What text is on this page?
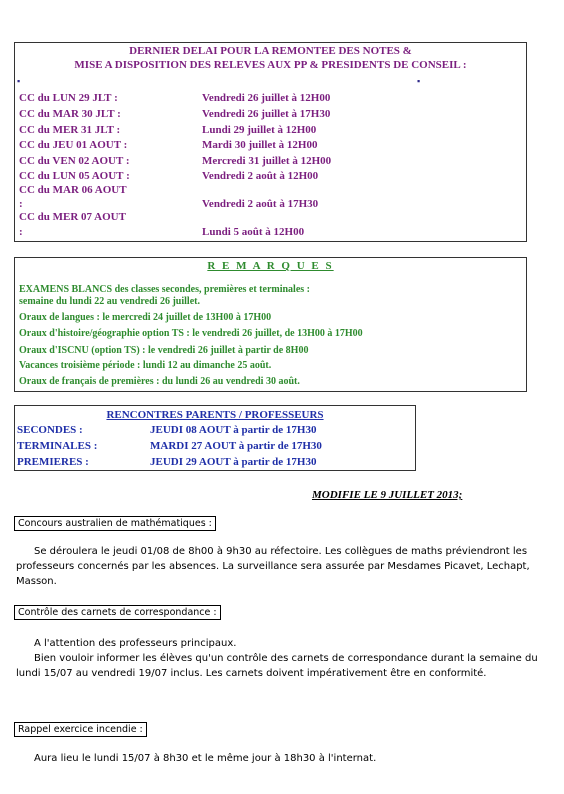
DERNIER DELAI POUR LA REMONTEE DES NOTES &
MISE A DISPOSITION DES RELEVES AUX PP & PRESIDENTS DE CONSEIL :
▪	▪
CC du LUN 29 JLT :	Vendredi 26 juillet à 12H00
CC du MAR 30 JLT :	Vendredi 26 juillet à 17H30
CC du MER 31 JLT :	Lundi 29 juillet à 12H00
CC du JEU 01 AOUT :	Mardi 30 juillet à 12H00
CC du VEN 02 AOUT :	Mercredi 31 juillet à 12H00
CC du LUN 05 AOUT :	Vendredi 2 août à 12H00
CC du MAR 06 AOUT
:	Vendredi 2 août à 17H30
CC du MER 07 AOUT
:	Lundi 5 août à 12H00
R E M A R Q U E S
EXAMENS BLANCS des classes secondes, premières et terminales :
semaine du lundi 22 au vendredi 26 juillet.
Oraux de langues : le mercredi 24 juillet de 13H00 à 17H00
Oraux d'histoire/géographie option TS : le vendredi 26 juillet, de 13H00 à 17H00
Oraux d'ISCNU (option TS) : le vendredi 26 juillet à partir de 8H00
Vacances troisième période : lundi 12 au dimanche 25 août.
Oraux de français de premières : du lundi 26 au vendredi 30 août.
RENCONTRES PARENTS / PROFESSEURS
SECONDES :	JEUDI 08 AOUT à partir de 17H30
TERMINALES :	MARDI 27 AOUT à partir de 17H30
PREMIERES :	JEUDI 29 AOUT à partir de 17H30
MODIFIE LE 9 JUILLET 2013;
Concours australien de mathématiques :
Se déroulera le jeudi 01/08 de 8h00 à 9h30 au réfectoire. Les collègues de maths préviendront les
professeurs concernés par les absences. La surveillance sera assurée par Mesdames Picavet, Lechapt,
Masson.
Contrôle des carnets de correspondance :
A l'attention des professeurs principaux.
Bien vouloir informer les élèves qu'un contrôle des carnets de correspondance durant la semaine du
lundi 15/07 au vendredi 19/07 inclus. Les carnets doivent impérativement être en conformité.
Rappel exercice incendie :
Aura lieu le lundi 15/07 à 8h30 et le même jour à 18h30 à l'internat.
